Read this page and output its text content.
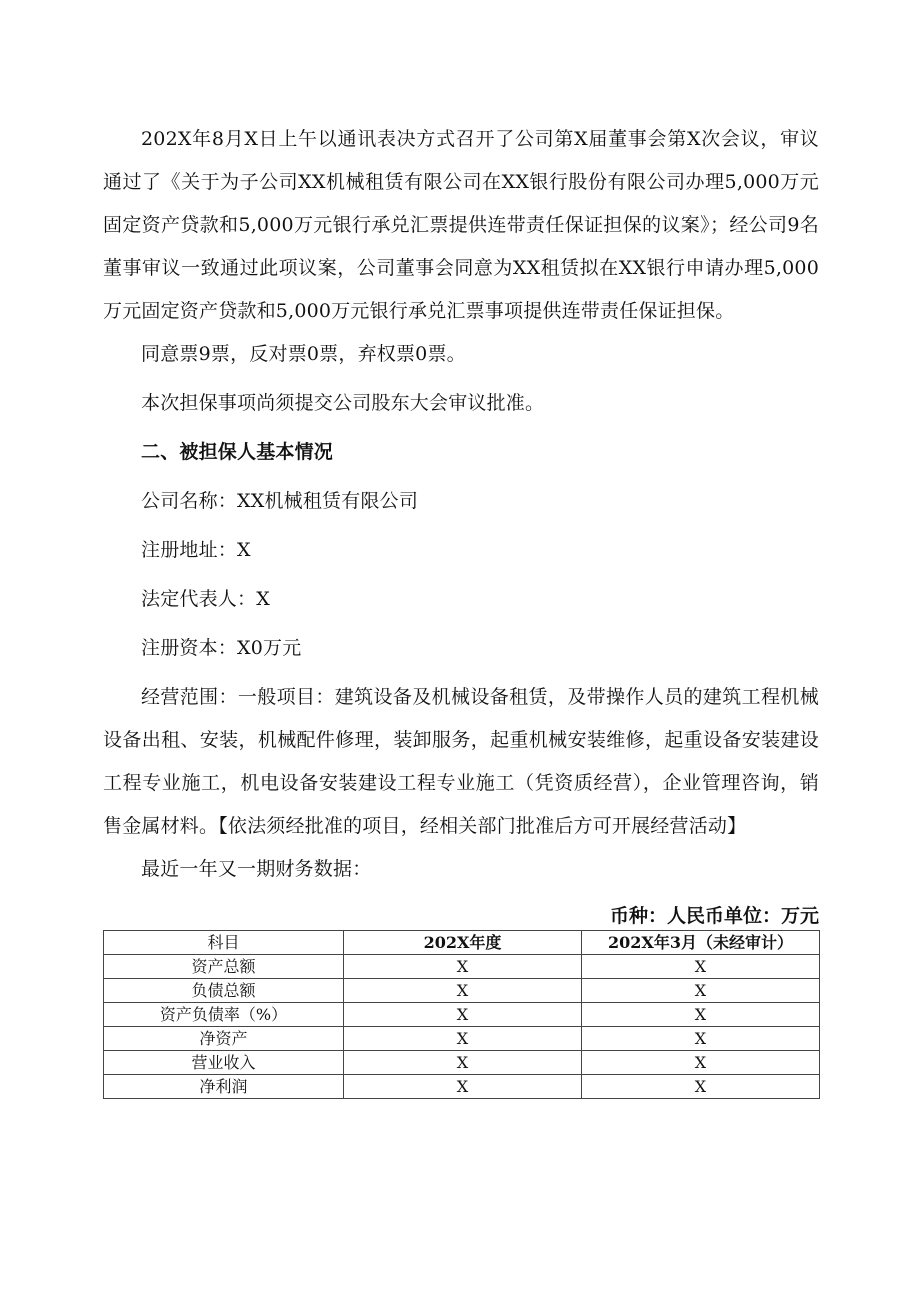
202X年8月X日上午以通讯表决方式召开了公司第X届董事会第X次会议，审议通过了《关于为子公司XX机械租赁有限公司在XX银行股份有限公司办理5,000万元固定资产贷款和5,000万元银行承兑汇票提供连带责任保证担保的议案》；经公司9名董事审议一致通过此项议案，公司董事会同意为XX租赁拟在XX银行申请办理5,000万元固定资产贷款和5,000万元银行承兑汇票事项提供连带责任保证担保。

同意票9票，反对票0票，弃权票0票。

本次担保事项尚须提交公司股东大会审议批准。

二、被担保人基本情况

公司名称：XX机械租赁有限公司

注册地址：X

法定代表人：X

注册资本：X0万元

经营范围：一般项目：建筑设备及机械设备租赁，及带操作人员的建筑工程机械设备出租、安装，机械配件修理，装卸服务，起重机械安装维修，起重设备安装建设工程专业施工，机电设备安装建设工程专业施工（凭资质经营），企业管理咨询，销售金属材料。【依法须经批准的项目，经相关部门批准后方可开展经营活动】

最近一年又一期财务数据：

币种：人民币单位：万元
科目	202X年度	202X年3月（未经审计）
资产总额	X	X
负债总额	X	X
资产负债率（%）	X	X
净资产	X	X
营业收入	X	X
净利润	X	X
